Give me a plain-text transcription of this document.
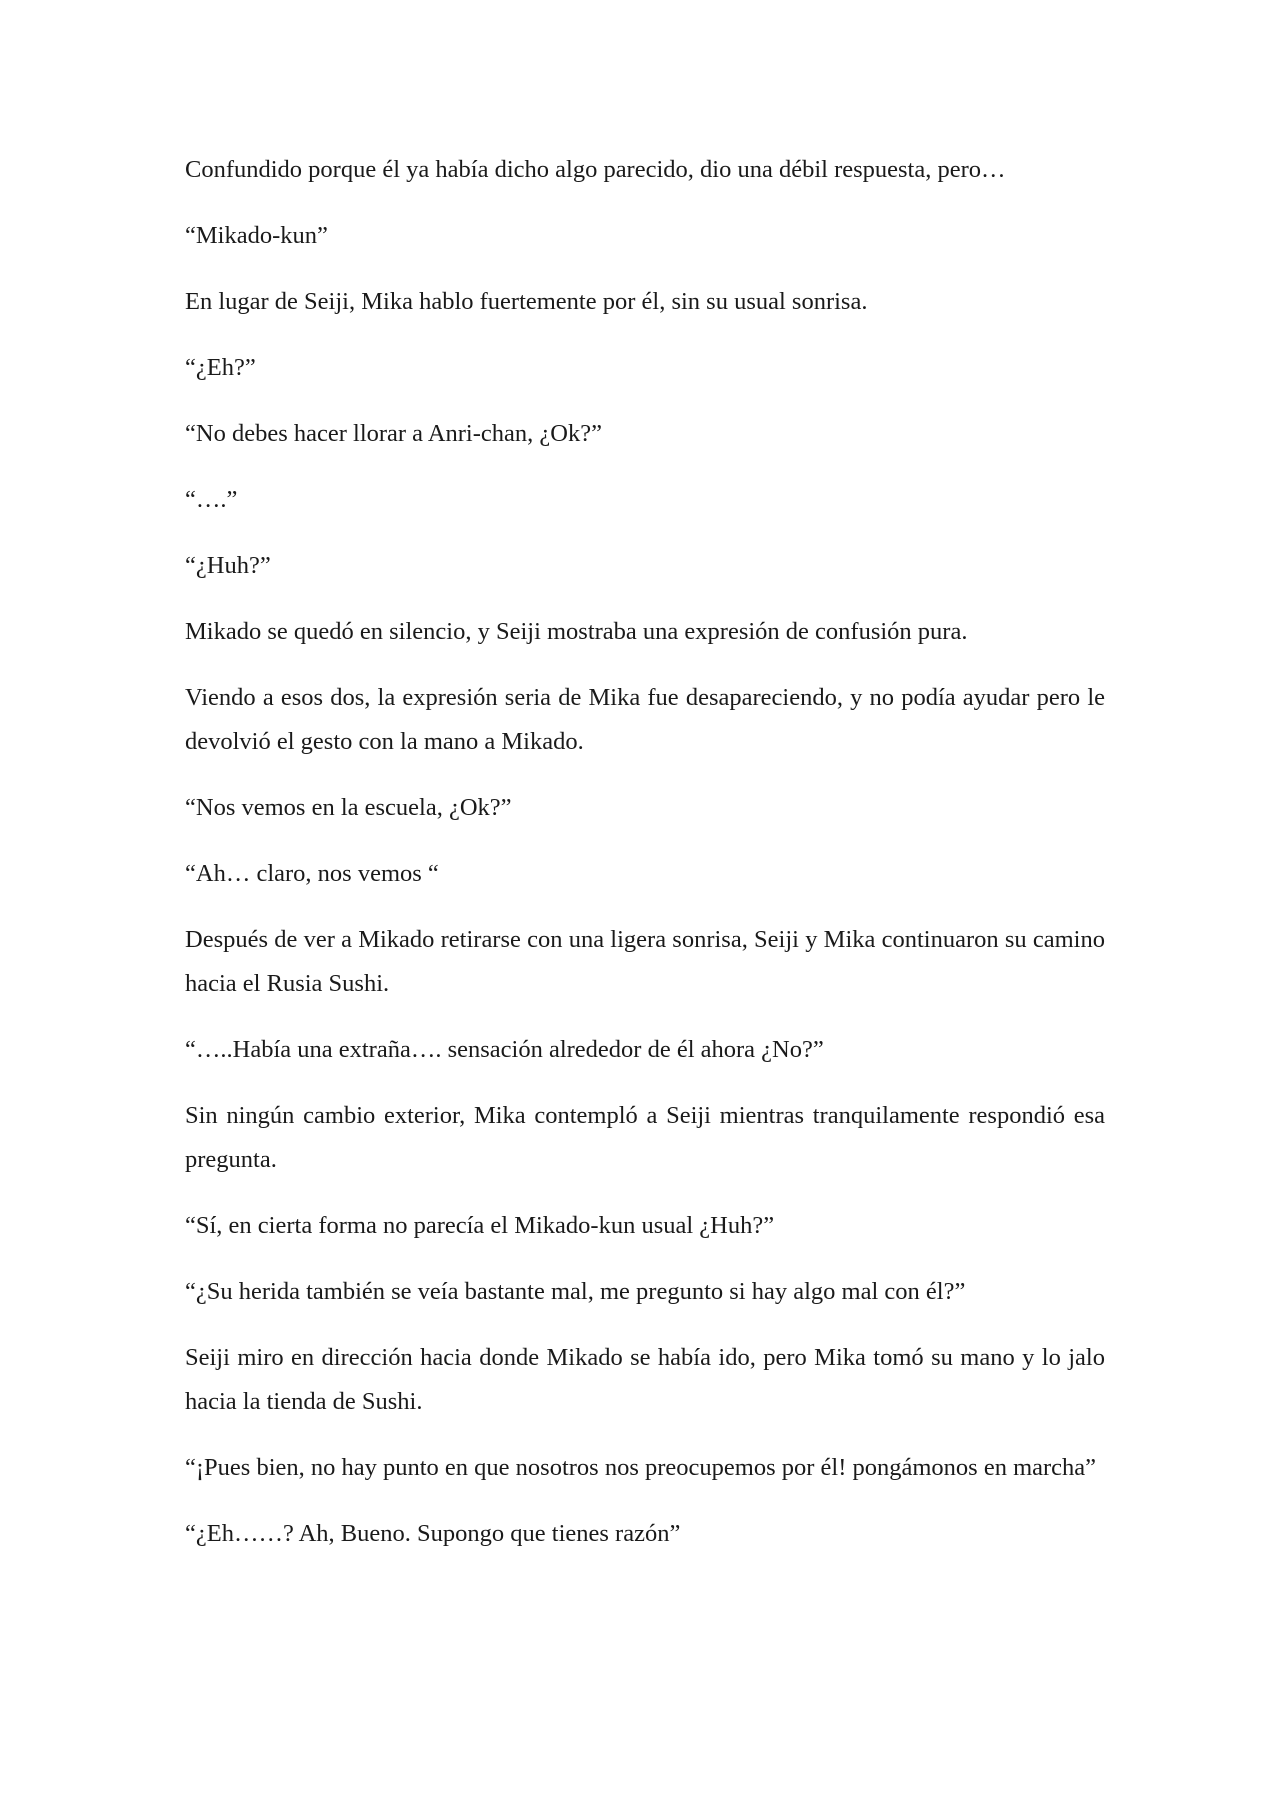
Confundido porque él ya había dicho algo parecido, dio una débil respuesta, pero…

“Mikado-kun”

En lugar de Seiji, Mika hablo fuertemente por él, sin su usual sonrisa.

“¿Eh?”

“No debes hacer llorar a Anri-chan, ¿Ok?”

“….”

“¿Huh?”

Mikado se quedó en silencio, y Seiji mostraba una expresión de confusión pura.

Viendo a esos dos, la expresión seria de Mika fue desapareciendo, y no podía ayudar pero le devolvió el gesto con la mano a Mikado.

“Nos vemos en la escuela, ¿Ok?”

“Ah… claro, nos vemos “

Después de ver a Mikado retirarse con una ligera sonrisa, Seiji y Mika continuaron su camino hacia el Rusia Sushi.

“…..Había una extraña…. sensación alrededor de él ahora ¿No?”

Sin ningún cambio exterior, Mika contempló a Seiji mientras tranquilamente respondió esa pregunta.

“Sí, en cierta forma no parecía el Mikado-kun usual ¿Huh?”

“¿Su herida también se veía bastante mal, me pregunto si hay algo mal con él?”

Seiji miro en dirección hacia donde Mikado se había ido, pero Mika tomó su mano y lo jalo hacia la tienda de Sushi.

“¡Pues bien, no hay punto en que nosotros nos preocupemos por él! pongámonos en marcha”

“¿Eh……? Ah, Bueno. Supongo que tienes razón”
